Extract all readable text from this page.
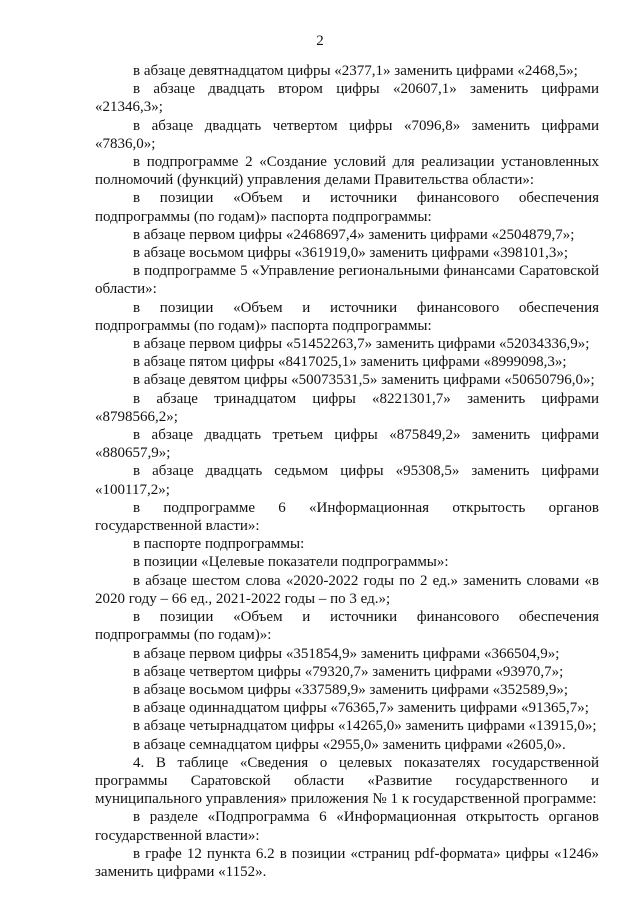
2

в абзаце девятнадцатом цифры «2377,1» заменить цифрами «2468,5»;

в абзаце двадцать втором цифры «20607,1» заменить цифрами «21346,3»;

в абзаце двадцать четвертом цифры «7096,8» заменить цифрами «7836,0»;

в подпрограмме 2 «Создание условий для реализации установленных полномочий (функций) управления делами Правительства области»:

в позиции «Объем и источники финансового обеспечения подпрограммы (по годам)» паспорта подпрограммы:

в абзаце первом цифры «2468697,4» заменить цифрами «2504879,7»;

в абзаце восьмом цифры «361919,0» заменить цифрами «398101,3»;

в подпрограмме 5 «Управление региональными финансами Саратовской области»:

в позиции «Объем и источники финансового обеспечения подпрограммы (по годам)» паспорта подпрограммы:

в абзаце первом цифры «51452263,7» заменить цифрами «52034336,9»;

в абзаце пятом цифры «8417025,1» заменить цифрами «8999098,3»;

в абзаце девятом цифры «50073531,5» заменить цифрами «50650796,0»;

в абзаце тринадцатом цифры «8221301,7» заменить цифрами «8798566,2»;

в абзаце двадцать третьем цифры «875849,2» заменить цифрами «880657,9»;

в абзаце двадцать седьмом цифры «95308,5» заменить цифрами «100117,2»;

в подпрограмме 6 «Информационная открытость органов государственной власти»:

в паспорте подпрограммы:

в позиции «Целевые показатели подпрограммы»:

в абзаце шестом слова «2020-2022 годы по 2 ед.» заменить словами «в 2020 году – 66 ед., 2021-2022 годы – по 3 ед.»;

в позиции «Объем и источники финансового обеспечения подпрограммы (по годам)»:

в абзаце первом цифры «351854,9» заменить цифрами «366504,9»;

в абзаце четвертом цифры «79320,7» заменить цифрами «93970,7»;

в абзаце восьмом цифры «337589,9» заменить цифрами «352589,9»;

в абзаце одиннадцатом цифры «76365,7» заменить цифрами «91365,7»;

в абзаце четырнадцатом цифры «14265,0» заменить цифрами «13915,0»;

в абзаце семнадцатом цифры «2955,0» заменить цифрами «2605,0».

4. В таблице «Сведения о целевых показателях государственной программы Саратовской области «Развитие государственного и муниципального управления» приложения № 1 к государственной программе:

в разделе «Подпрограмма 6 «Информационная открытость органов государственной власти»:

в графе 12 пункта 6.2 в позиции «страниц pdf-формата» цифры «1246» заменить цифрами «1152».
